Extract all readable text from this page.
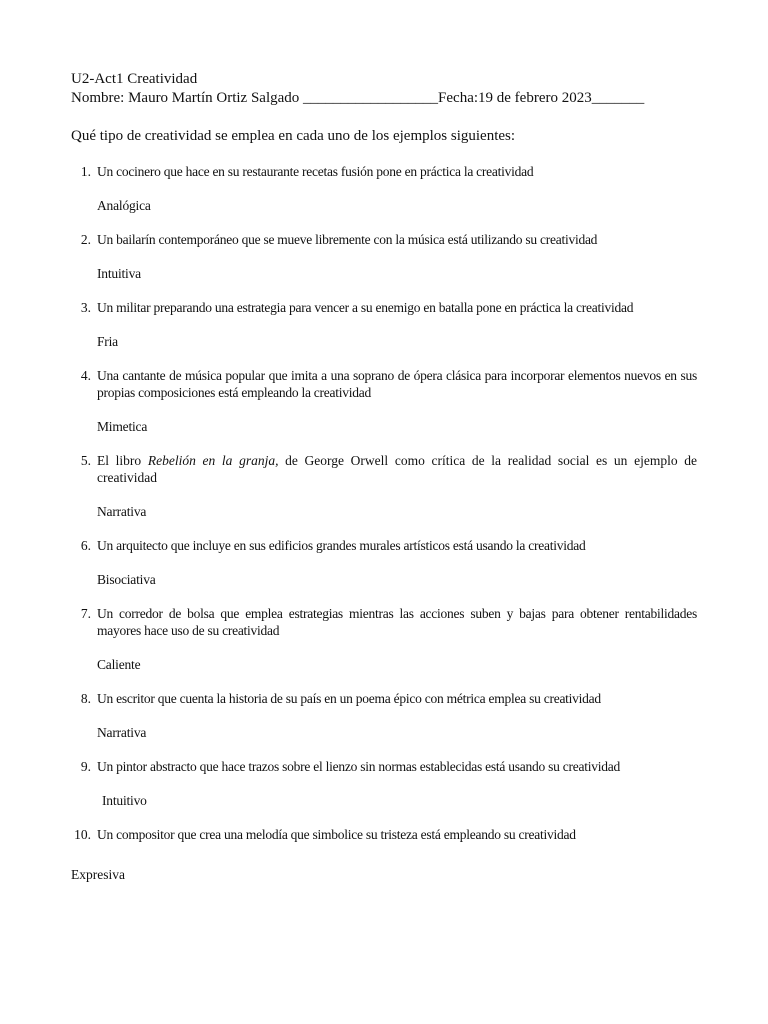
U2-Act1 Creatividad
Nombre: Mauro Martín Ortiz Salgado __________________Fecha:19 de febrero 2023_______
Qué tipo de creatividad se emplea en cada uno de los ejemplos siguientes:
1. Un cocinero que hace en su restaurante recetas fusión pone en práctica la creatividad
Analógica
2. Un bailarín contemporáneo que se mueve libremente con la música está utilizando su creatividad
Intuitiva
3. Un militar preparando una estrategia para vencer a su enemigo en batalla pone en práctica la creatividad
Fria
4. Una cantante de música popular que imita a una soprano de ópera clásica para incorporar elementos nuevos en sus propias composiciones está empleando la creatividad
Mimetica
5. El libro Rebelión en la granja, de George Orwell como crítica de la realidad social es un ejemplo de creatividad
Narrativa
6. Un arquitecto que incluye en sus edificios grandes murales artísticos está usando la creatividad
Bisociativa
7. Un corredor de bolsa que emplea estrategias mientras las acciones suben y bajas para obtener rentabilidades mayores hace uso de su creatividad
Caliente
8. Un escritor que cuenta la historia de su país en un poema épico con métrica emplea su creatividad
Narrativa
9. Un pintor abstracto que hace trazos sobre el lienzo sin normas establecidas está usando su creatividad
Intuitivo
10. Un compositor que crea una melodía que simbolice su tristeza está empleando su creatividad
Expresiva
